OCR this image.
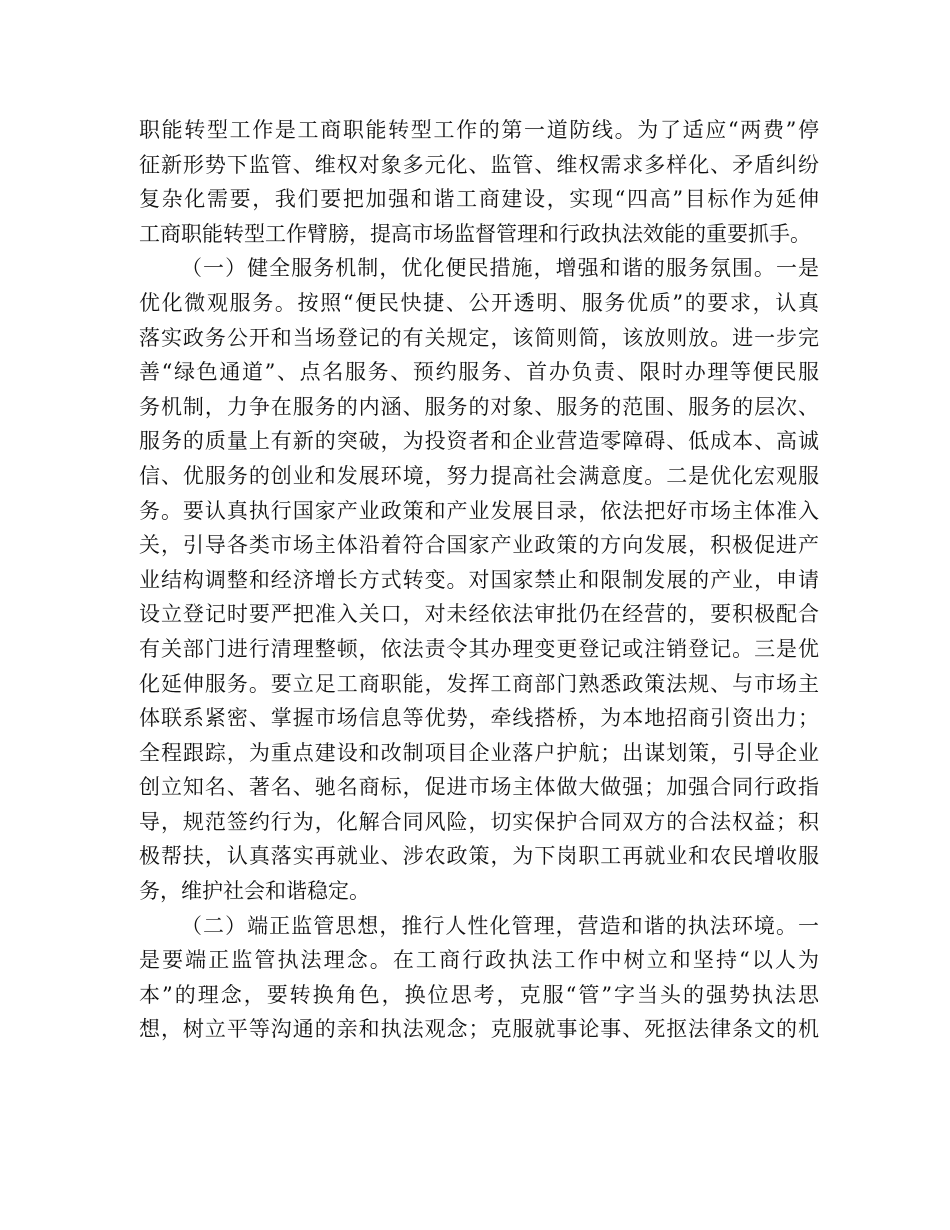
职能转型工作是工商职能转型工作的第一道防线。为了适应“两费”停
征新形势下监管、维权对象多元化、监管、维权需求多样化、矛盾纠纷
复杂化需要，我们要把加强和谐工商建设，实现“四高”目标作为延伸
工商职能转型工作臂膀，提高市场监督管理和行政执法效能的重要抓手。
（一）健全服务机制，优化便民措施，增强和谐的服务氛围。一是
优化微观服务。按照“便民快捷、公开透明、服务优质”的要求，认真
落实政务公开和当场登记的有关规定，该简则简，该放则放。进一步完
善“绿色通道”、点名服务、预约服务、首办负责、限时办理等便民服
务机制，力争在服务的内涵、服务的对象、服务的范围、服务的层次、
服务的质量上有新的突破，为投资者和企业营造零障碍、低成本、高诚
信、优服务的创业和发展环境，努力提高社会满意度。二是优化宏观服
务。要认真执行国家产业政策和产业发展目录，依法把好市场主体准入
关，引导各类市场主体沿着符合国家产业政策的方向发展，积极促进产
业结构调整和经济增长方式转变。对国家禁止和限制发展的产业，申请
设立登记时要严把准入关口，对未经依法审批仍在经营的，要积极配合
有关部门进行清理整顿，依法责令其办理变更登记或注销登记。三是优
化延伸服务。要立足工商职能，发挥工商部门熟悉政策法规、与市场主
体联系紧密、掌握市场信息等优势，牵线搭桥，为本地招商引资出力；
全程跟踪，为重点建设和改制项目企业落户护航；出谋划策，引导企业
创立知名、著名、驰名商标，促进市场主体做大做强；加强合同行政指
导，规范签约行为，化解合同风险，切实保护合同双方的合法权益；积
极帮扶，认真落实再就业、涉农政策，为下岗职工再就业和农民增收服
务，维护社会和谐稳定。
（二）端正监管思想，推行人性化管理，营造和谐的执法环境。一
是要端正监管执法理念。在工商行政执法工作中树立和坚持“以人为
本”的理念，要转换角色，换位思考，克服“管”字当头的强势执法思
想，树立平等沟通的亲和执法观念；克服就事论事、死抠法律条文的机
